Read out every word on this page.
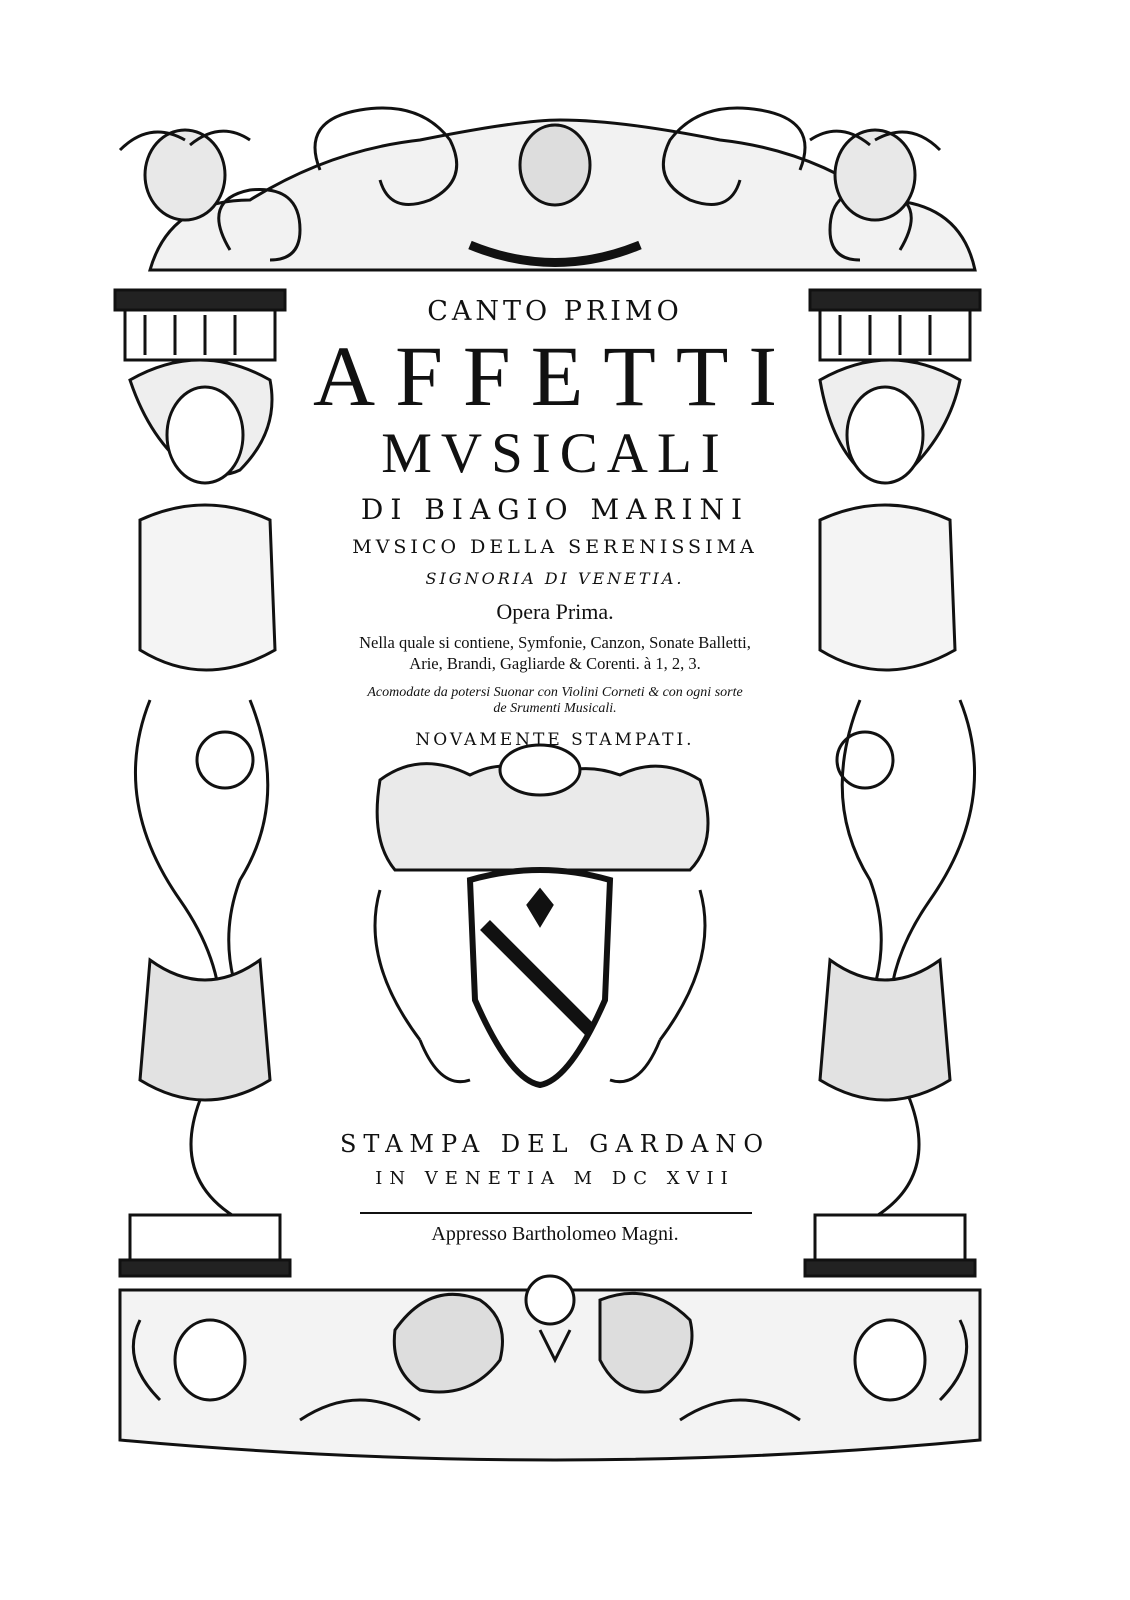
CANTO PRIMO
AFFETTI
MVSICALI
DI BIAGIO MARINI
MVSICO DELLA SERENISSIMA
SIGNORIA DI VENETIA.
Opera Prima.
Nella quale si contiene, Symfonie, Canzon, Sonate Balletti,
Arie, Brandi, Gagliarde & Corenti. à 1, 2, 3.
Acomodate da potersi Suonar con Violini Corneti & con ogni sorte
de Srumenti Musicali.
NOVAMENTE STAMPATI.
STAMPA DEL GARDANO
IN VENETIA M DC XVII
Appresso Bartholomeo Magni.
